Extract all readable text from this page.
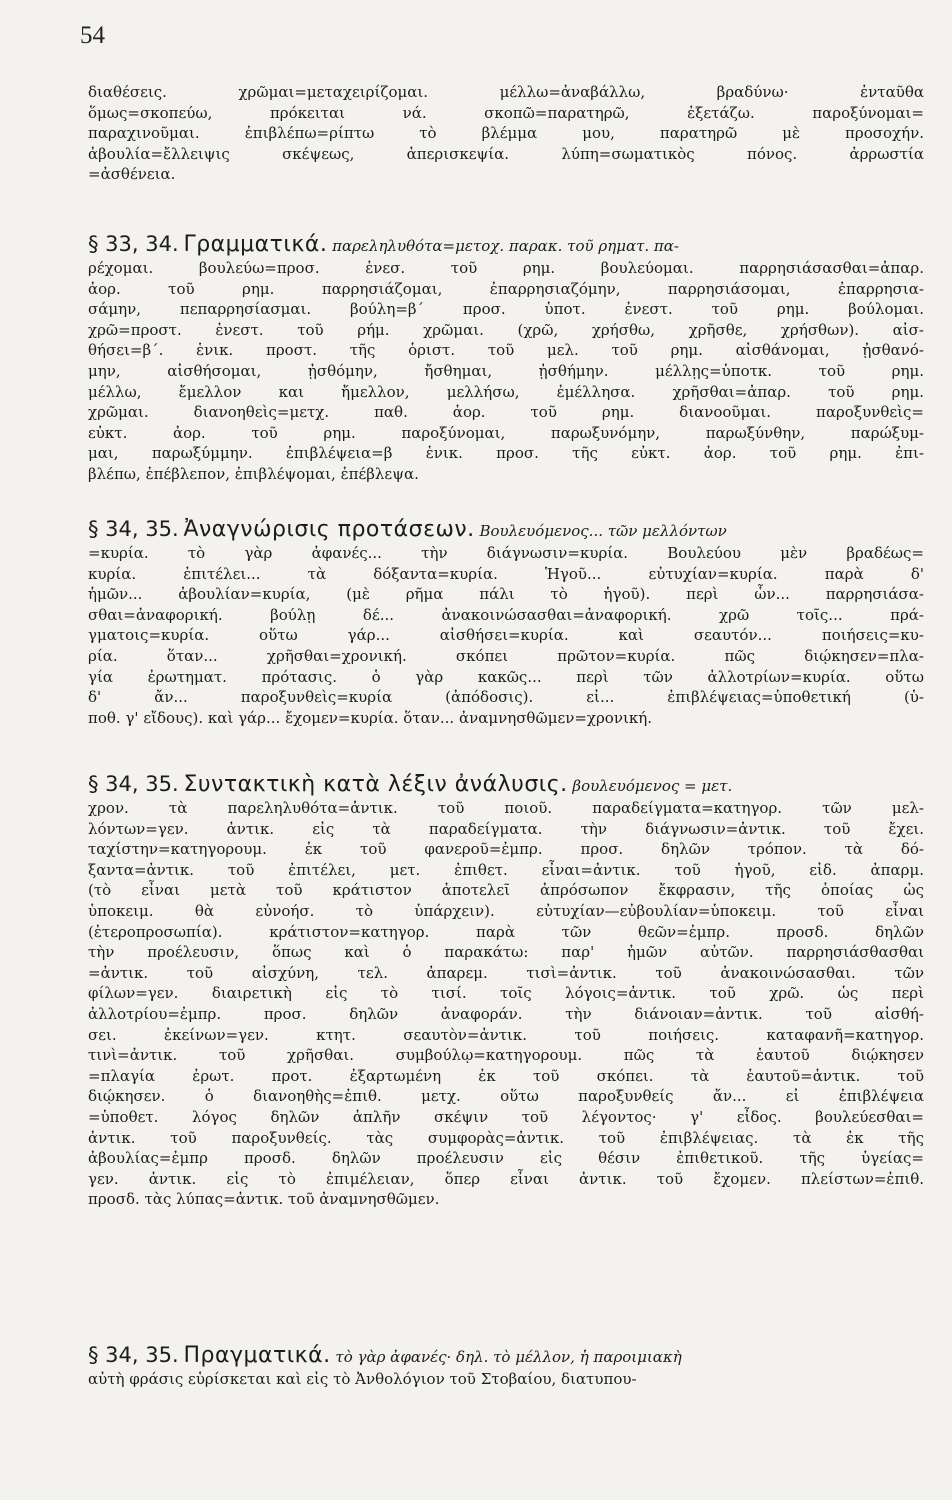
54
διαθέσεις. χρῶμαι=μεταχειρίζομαι. μέλλω=ἀναβάλλω, βραδύνω· ἐνταῦθα
ὅμως=σκοπεύω, πρόκειται νά. σκοπῶ=παρατηρῶ, ἐξετάζω. παροξύνομαι=
παραχινοῦμαι. ἐπιβλέπω=ρίπτω τὸ βλέμμα μου, παρατηρῶ μὲ προσοχήν.
ἀβουλία=ἔλλειψις σκέψεως, ἀπερισκεψία. λύπη=σωματικὸς πόνος. ἀρρωστία
=ἀσθένεια.
§ 33, 34. Γραμματικά. παρεληλυθότα=μετοχ. παρακ. τοῦ ρηματ. πα-
ρέχομαι. βουλεύω=προσ. ἐνεσ. τοῦ ρημ. βουλεύομαι. παρρησιάσασθαι=ἀπαρ.
ἀορ. τοῦ ρημ. παρρησιάζομαι, ἐπαρρησιαζόμην, παρρησιάσομαι, ἐπαρρησια-
σάμην, πεπαρρησίασμαι. βούλη=β΄ προσ. ὑποτ. ἐνεστ. τοῦ ρημ. βούλομαι.
χρῶ=προστ. ἐνεστ. τοῦ ρήμ. χρῶμαι. (χρῶ, χρήσθω, χρῆσθε, χρήσθων). αἰσ-
θήσει=β΄. ἑνικ. προστ. τῆς ὁριστ. τοῦ μελ. τοῦ ρημ. αἰσθάνομαι, ᾐσθανό-
μην, αἰσθήσομαι, ᾐσθόμην, ἤσθημαι, ᾐσθήμην. μέλλῃς=ὑποτκ. τοῦ ρημ.
μέλλω, ἔμελλον και ἤμελλον, μελλήσω, ἐμέλλησα. χρῆσθαι=ἀπαρ. τοῦ ρημ.
χρῶμαι. διανοηθεὶς=μετχ. παθ. ἀορ. τοῦ ρημ. διανοοῦμαι. παροξυνθεὶς=
εὐκτ. ἀορ. τοῦ ρημ. παροξύνομαι, παρωξυνόμην, παρωξύνθην, παρώξυμ-
μαι, παρωξύμμην. ἐπιβλέψεια=β ἑνικ. προσ. τῆς εὐκτ. ἀορ. τοῦ ρημ. ἐπι-
βλέπω, ἐπέβλεπον, ἐπιβλέψομαι, ἐπέβλεψα.
§ 34, 35. Ἀναγνώρισις προτάσεων. Βουλευόμενος... τῶν μελλόντων
=κυρία. τὸ γὰρ ἀφανές... τὴν διάγνωσιν=κυρία. Βουλεύου μὲν βραδέως=
κυρία. ἐπιτέλει... τὰ δόξαντα=κυρία. Ἡγοῦ... εὐτυχίαν=κυρία. παρὰ δ'
ἡμῶν... ἀβουλίαν=κυρία, (μὲ ρῆμα πάλι τὸ ἡγοῦ). περὶ ὧν... παρρησιάσα-
σθαι=ἀναφορική. βούλῃ δέ... ἀνακοινώσασθαι=ἀναφορική. χρῶ τοῖς... πρά-
γματοις=κυρία. οὕτω γάρ... αἰσθήσει=κυρία. καὶ σεαυτόν... ποιήσεις=κυ-
ρία. ὅταν... χρῆσθαι=χρονική. σκόπει πρῶτον=κυρία. πῶς διῴκησεν=πλα-
γία ἐρωτηματ. πρότασις. ὁ γὰρ κακῶς... περὶ τῶν ἀλλοτρίων=κυρία. οὕτω
δ' ἄν... παροξυνθεὶς=κυρία (ἀπόδοσις). εἰ... ἐπιβλέψειας=ὑποθετική (ὑ-
ποθ. γ' εἴδους). καὶ γάρ... ἔχομεν=κυρία. ὅταν... ἀναμνησθῶμεν=χρονική.
§ 34, 35. Συντακτικὴ κατὰ λέξιν ἀνάλυσις. βουλευόμενος = μετ.
χρον. τὰ παρεληλυθότα=ἀντικ. τοῦ ποιοῦ. παραδείγματα=κατηγορ. τῶν μελ-
λόντων=γεν. ἀντικ. εἰς τὰ παραδείγματα. τὴν διάγνωσιν=ἀντικ. τοῦ ἔχει.
ταχίστην=κατηγορουμ. ἐκ τοῦ φανεροῦ=ἐμπρ. προσ. δηλῶν τρόπον. τὰ δό-
ξαντα=ἀντικ. τοῦ ἐπιτέλει, μετ. ἐπιθετ. εἶναι=ἀντικ. τοῦ ἡγοῦ, εἰδ. ἀπαρμ.
(τὸ εἶναι μετὰ τοῦ κράτιστον ἀποτελεῖ ἀπρόσωπον ἔκφρασιν, τῆς ὁποίας ὡς
ὑποκειμ. θὰ εὐνοήσ. τὸ ὑπάρχειν). εὐτυχίαν—εὐβουλίαν=ὑποκειμ. τοῦ εἶναι
(ἑτεροπροσωπία). κράτιστον=κατηγορ. παρὰ τῶν θεῶν=ἐμπρ. προσδ. δηλῶν
τὴν προέλευσιν, ὅπως καὶ ὁ παρακάτω: παρ' ἡμῶν αὐτῶν. παρρησιάσθασθαι
=ἀντικ. τοῦ αἰσχύνη, τελ. ἀπαρεμ. τισὶ=ἀντικ. τοῦ ἀνακοινώσασθαι. τῶν
φίλων=γεν. διαιρετικὴ εἰς τὸ τισί. τοῖς λόγοις=ἀντικ. τοῦ χρῶ. ὡς περὶ
ἀλλοτρίου=ἐμπρ. προσ. δηλῶν ἀναφοράν. τὴν διάνοιαν=ἀντικ. τοῦ αἰσθή-
σει. ἐκείνων=γεν. κτητ. σεαυτὸν=ἀντικ. τοῦ ποιήσεις. καταφανῆ=κατηγορ.
τινὶ=ἀντικ. τοῦ χρῆσθαι. συμβούλῳ=κατηγορουμ. πῶς τὰ ἑαυτοῦ διῴκησεν
=πλαγία ἐρωτ. προτ. ἐξαρτωμένη ἐκ τοῦ σκόπει. τὰ ἑαυτοῦ=ἀντικ. τοῦ
διῴκησεν. ὁ διανοηθὴς=ἐπιθ. μετχ. οὕτω παροξυνθείς ἄν... εἰ ἐπιβλέψεια
=ὑποθετ. λόγος δηλῶν ἁπλῆν σκέψιν τοῦ λέγοντος· γ' εἶδος. βουλεύεσθαι=
ἀντικ. τοῦ παροξυνθείς. τὰς συμφορὰς=ἀντικ. τοῦ ἐπιβλέψειας. τὰ ἐκ τῆς
ἀβουλίας=ἐμπρ προσδ. δηλῶν προέλευσιν εἰς θέσιν ἐπιθετικοῦ. τῆς ὑγείας=
γεν. ἀντικ. εἰς τὸ ἐπιμέλειαν, ὅπερ εἶναι ἀντικ. τοῦ ἔχομεν. πλείστων=ἐπιθ.
προσδ. τὰς λύπας=ἀντικ. τοῦ ἀναμνησθῶμεν.
§ 34, 35. Πραγματικά. τὸ γὰρ ἀφανές· δηλ. τὸ μέλλον, ἡ παροιμιακὴ
αὐτὴ φράσις εὑρίσκεται καὶ εἰς τὸ Ἀνθολόγιον τοῦ Στοβαίου, διατυπου-
